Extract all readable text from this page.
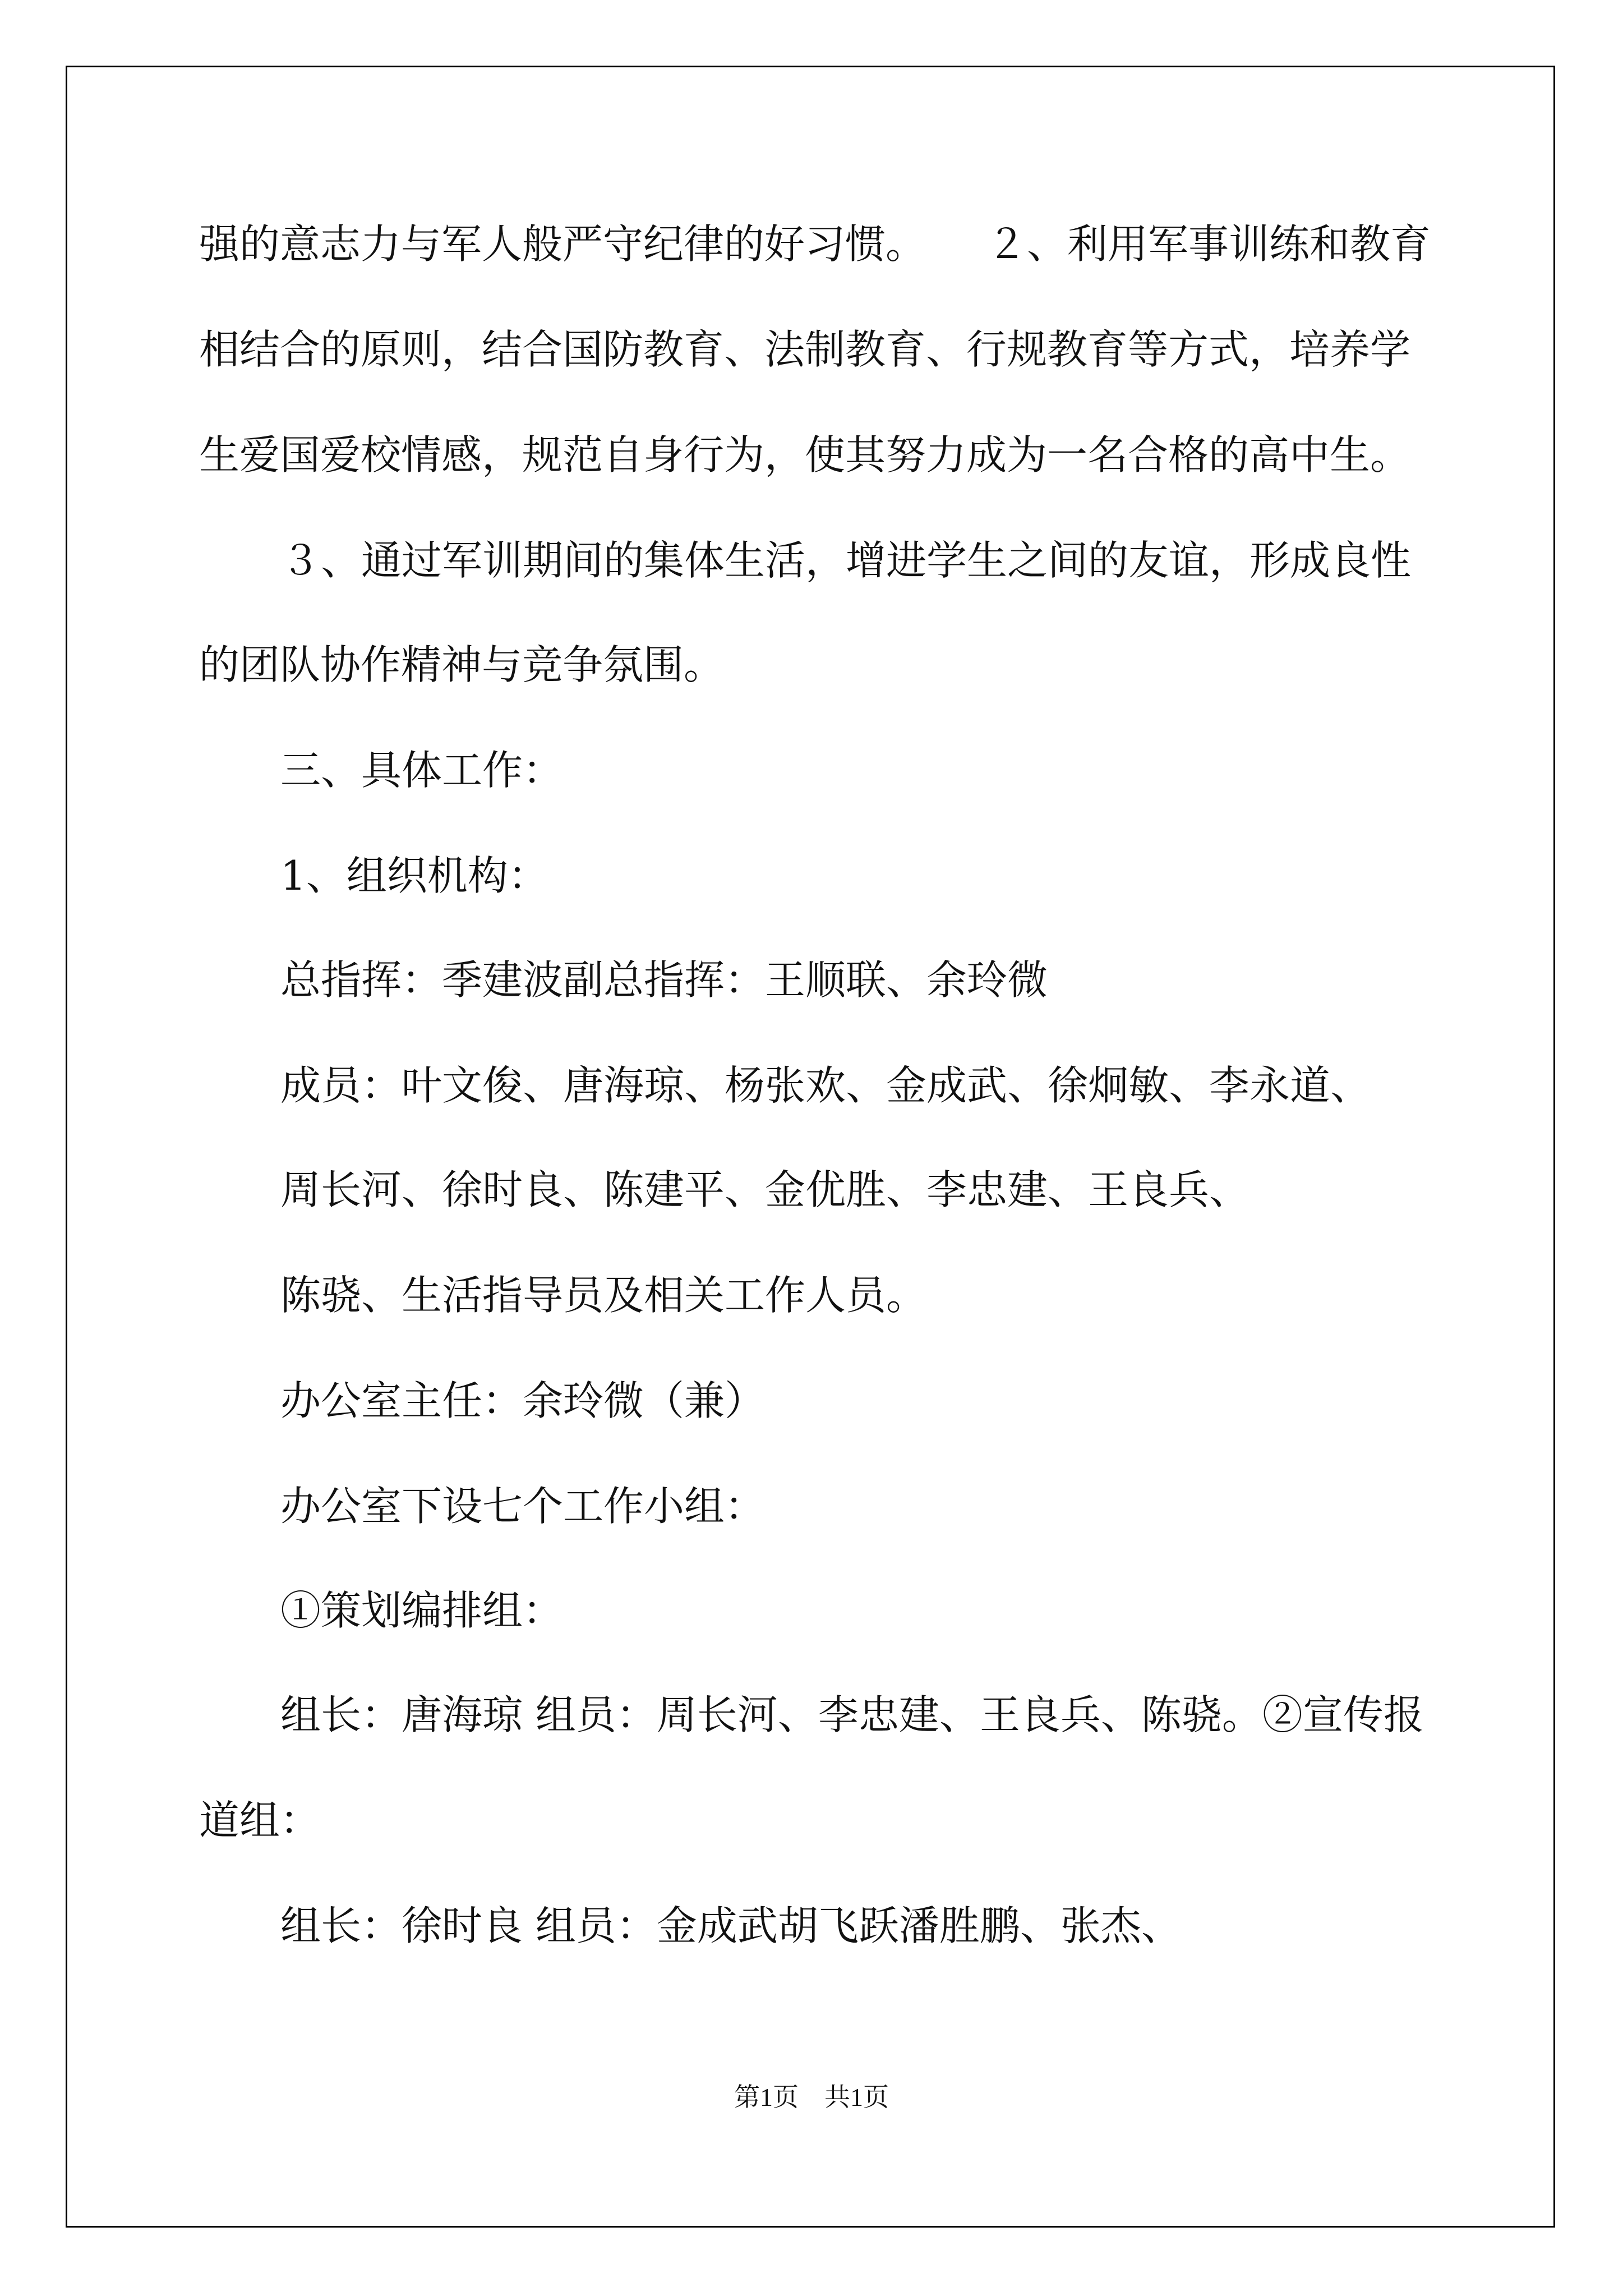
强的意志力与军人般严守纪律的好习惯。　　２、利用军事训练和教育
相结合的原则，结合国防教育、法制教育、行规教育等方式，培养学
生爱国爱校情感，规范自身行为，使其努力成为一名合格的高中生。
３、通过军训期间的集体生活，增进学生之间的友谊，形成良性
的团队协作精神与竞争氛围。
三、具体工作：
1、组织机构：
总指挥：季建波副总指挥：王顺联、余玲微
成员：叶文俊、唐海琼、杨张欢、金成武、徐炯敏、李永道、
周长河、徐时良、陈建平、金优胜、李忠建、王良兵、
陈骁、生活指导员及相关工作人员。
办公室主任：余玲微（兼）
办公室下设七个工作小组：
①策划编排组：
组长：唐海琼 组员：周长河、李忠建、王良兵、陈骁。②宣传报
道组：
组长：徐时良 组员：金成武胡飞跃潘胜鹏、张杰、
第1页　共1页
